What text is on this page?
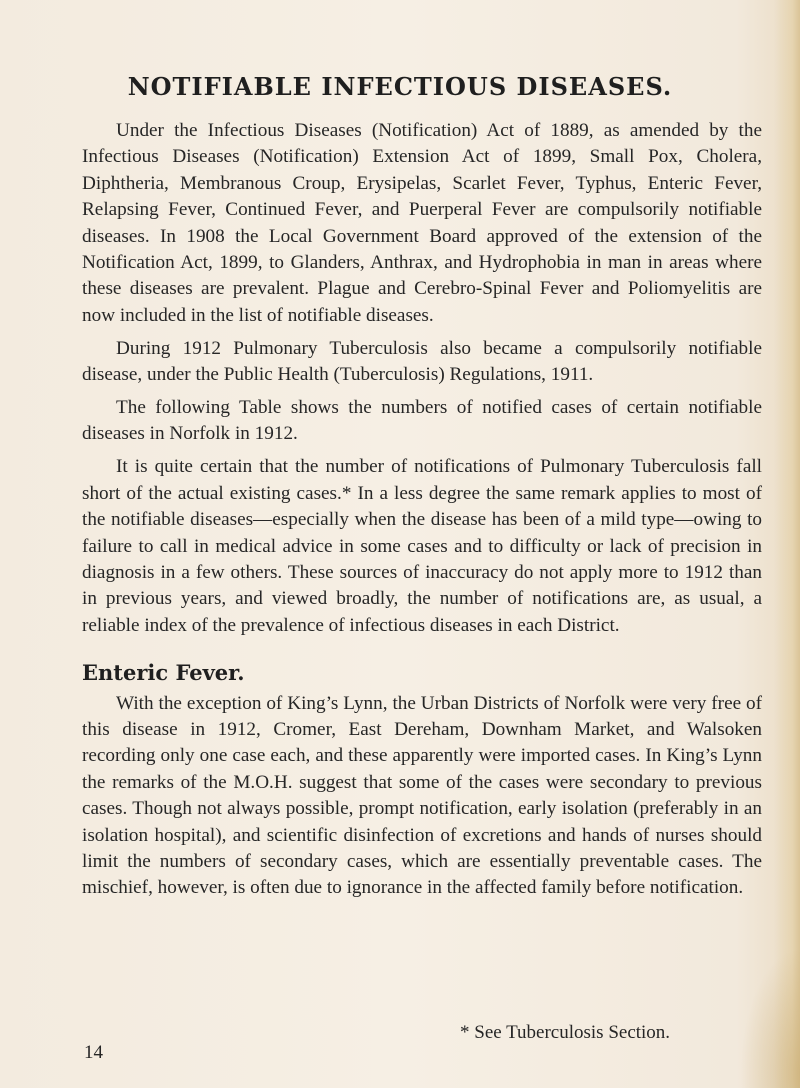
NOTIFIABLE INFECTIOUS DISEASES.

Under the Infectious Diseases (Notification) Act of 1889, as amended by the Infectious Diseases (Notification) Extension Act of 1899, Small Pox, Cholera, Diphtheria, Membranous Croup, Erysipelas, Scarlet Fever, Typhus, Enteric Fever, Relapsing Fever, Continued Fever, and Puerperal Fever are compulsorily notifiable diseases. In 1908 the Local Government Board approved of the extension of the Notification Act, 1899, to Glanders, Anthrax, and Hydrophobia in man in areas where these diseases are prevalent. Plague and Cerebro-Spinal Fever and Poliomyelitis are now included in the list of notifiable diseases.

During 1912 Pulmonary Tuberculosis also became a compulsorily notifiable disease, under the Public Health (Tuberculosis) Regulations, 1911.

The following Table shows the numbers of notified cases of certain notifiable diseases in Norfolk in 1912.

It is quite certain that the number of notifications of Pulmonary Tuberculosis fall short of the actual existing cases.* In a less degree the same remark applies to most of the notifiable diseases—especially when the disease has been of a mild type—owing to failure to call in medical advice in some cases and to difficulty or lack of precision in diagnosis in a few others. These sources of inaccuracy do not apply more to 1912 than in previous years, and viewed broadly, the number of notifications are, as usual, a reliable index of the prevalence of infectious diseases in each District.

Enteric Fever.

With the exception of King’s Lynn, the Urban Districts of Norfolk were very free of this disease in 1912, Cromer, East Dereham, Downham Market, and Walsoken recording only one case each, and these apparently were imported cases. In King’s Lynn the remarks of the M.O.H. suggest that some of the cases were secondary to previous cases. Though not always possible, prompt notification, early isolation (preferably in an isolation hospital), and scientific disinfection of excretions and hands of nurses should limit the numbers of secondary cases, which are essentially preventable cases. The mischief, however, is often due to ignorance in the affected family before notification.

* See Tuberculosis Section.
14
